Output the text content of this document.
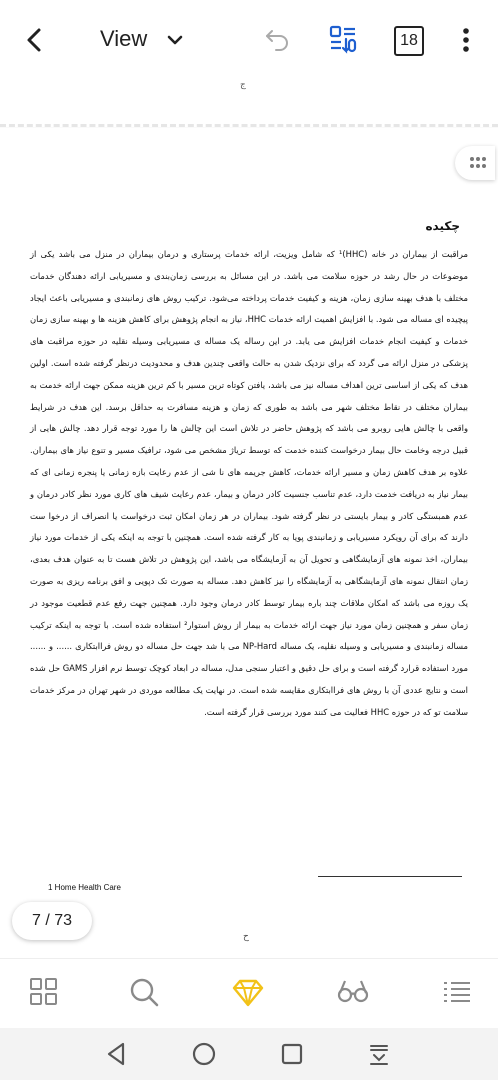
View	18
ج
چکیده
مراقبت از بیماران در خانه (HHC)¹ که شامل ویزیت، ارائه خدمات پرستاری و درمان بیماران در منزل می باشد یکی از موضوعات در حال رشد در حوزه سلامت می باشد. در این مسائل به بررسی زمان‌بندی و مسیریابی ارائه دهندگان خدمات مختلف با هدف بهینه سازی زمان، هزینه و کیفیت خدمات پرداخته می‌شود. ترکیب روش های زمانبندی و مسیریابی باعث ایجاد پیچیده ای مساله می شود. با افزایش اهمیت ارائه خدمات HHC، نیاز به انجام پژوهش برای کاهش هزینه ها و بهینه سازی زمان خدمات و کیفیت انجام خدمات افزایش می یابد. در این رساله یک مساله ی مسیریابی وسیله نقلیه در حوزه مراقبت های پزشکی در منزل ارائه می گردد که برای نزدیک شدن به حالت واقعی چندین هدف و محدودیت درنظر گرفته شده است. اولین هدف که یکی از اساسی ترین اهداف مساله نیز می باشد، یافتن کوتاه ترین مسیر با کم ترین هزینه ممکن جهت ارائه خدمت به بیماران مختلف در نقاط مختلف شهر می باشد به طوری که زمان و هزینه مسافرت به حداقل برسد. این هدف در شرایط واقعی با چالش هایی روبرو می باشد که پژوهش حاضر در تلاش است این چالش ها را مورد توجه قرار دهد. چالش هایی از قبیل درجه وخامت حال بیمار درخواست کننده خدمت که توسط تریاژ مشخص می شود، ترافیک مسیر و تنوع نیاز های بیماران. علاوه بر هدف کاهش زمان و مسیر ارائه خدمات، کاهش جریمه های نا شی از عدم رعایت بازه زمانی یا پنجره زمانی ای که بیمار نیاز به دریافت خدمت دارد، عدم تناسب جنسیت کادر درمان و بیمار، عدم رعایت شیف های کاری مورد نظر کادر درمان و عدم همبستگی کادر و بیمار بایستی در نظر گرفته شود. بیماران در هر زمان امکان ثبت درخواست یا انصراف از درخوا ست دارند که برای آن رویکرد مسیریابی و زمانبندی پویا به کار گرفته شده است. همچنین با توجه به اینکه یکی از خدمات مورد نیاز بیماران، اخذ نمونه های آزمایشگاهی و تحویل آن به آزمایشگاه می باشد، این پژوهش در تلاش هست تا به عنوان هدف بعدی، زمان انتقال نمونه های آزمایشگاهی به آزمایشگاه را نیز کاهش دهد. مساله به صورت تک دپویی و افق برنامه ریزی به صورت یک روزه می باشد که امکان ملاقات چند باره بیمار توسط کادر درمان وجود دارد. همچنین جهت رفع عدم قطعیت موجود در زمان سفر و همچنین زمان مورد نیاز جهت ارائه خدمات به بیمار از روش استوار² استفاده شده است. با توجه به اینکه ترکیب مساله زمانبندی و مسیریابی و وسیله نقلیه، یک مساله NP-Hard می با شد جهت حل مساله دو روش فراابتکاری ...... و ...... مورد استفاده قرارد گرفته است و برای حل دقیق و اعتبار سنجی مدل، مساله در ابعاد کوچک توسط نرم افزار GAMS حل شده است و نتایج عددی آن با روش های فراابتکاری مقایسه شده است. در نهایت یک مطالعه موردی در شهر تهران در مرکز خدمات سلامت تو که در حوزه HHC فعالیت می کنند مورد بررسی قرار گرفته است.
1 Home Health Care
ح
7 / 73
